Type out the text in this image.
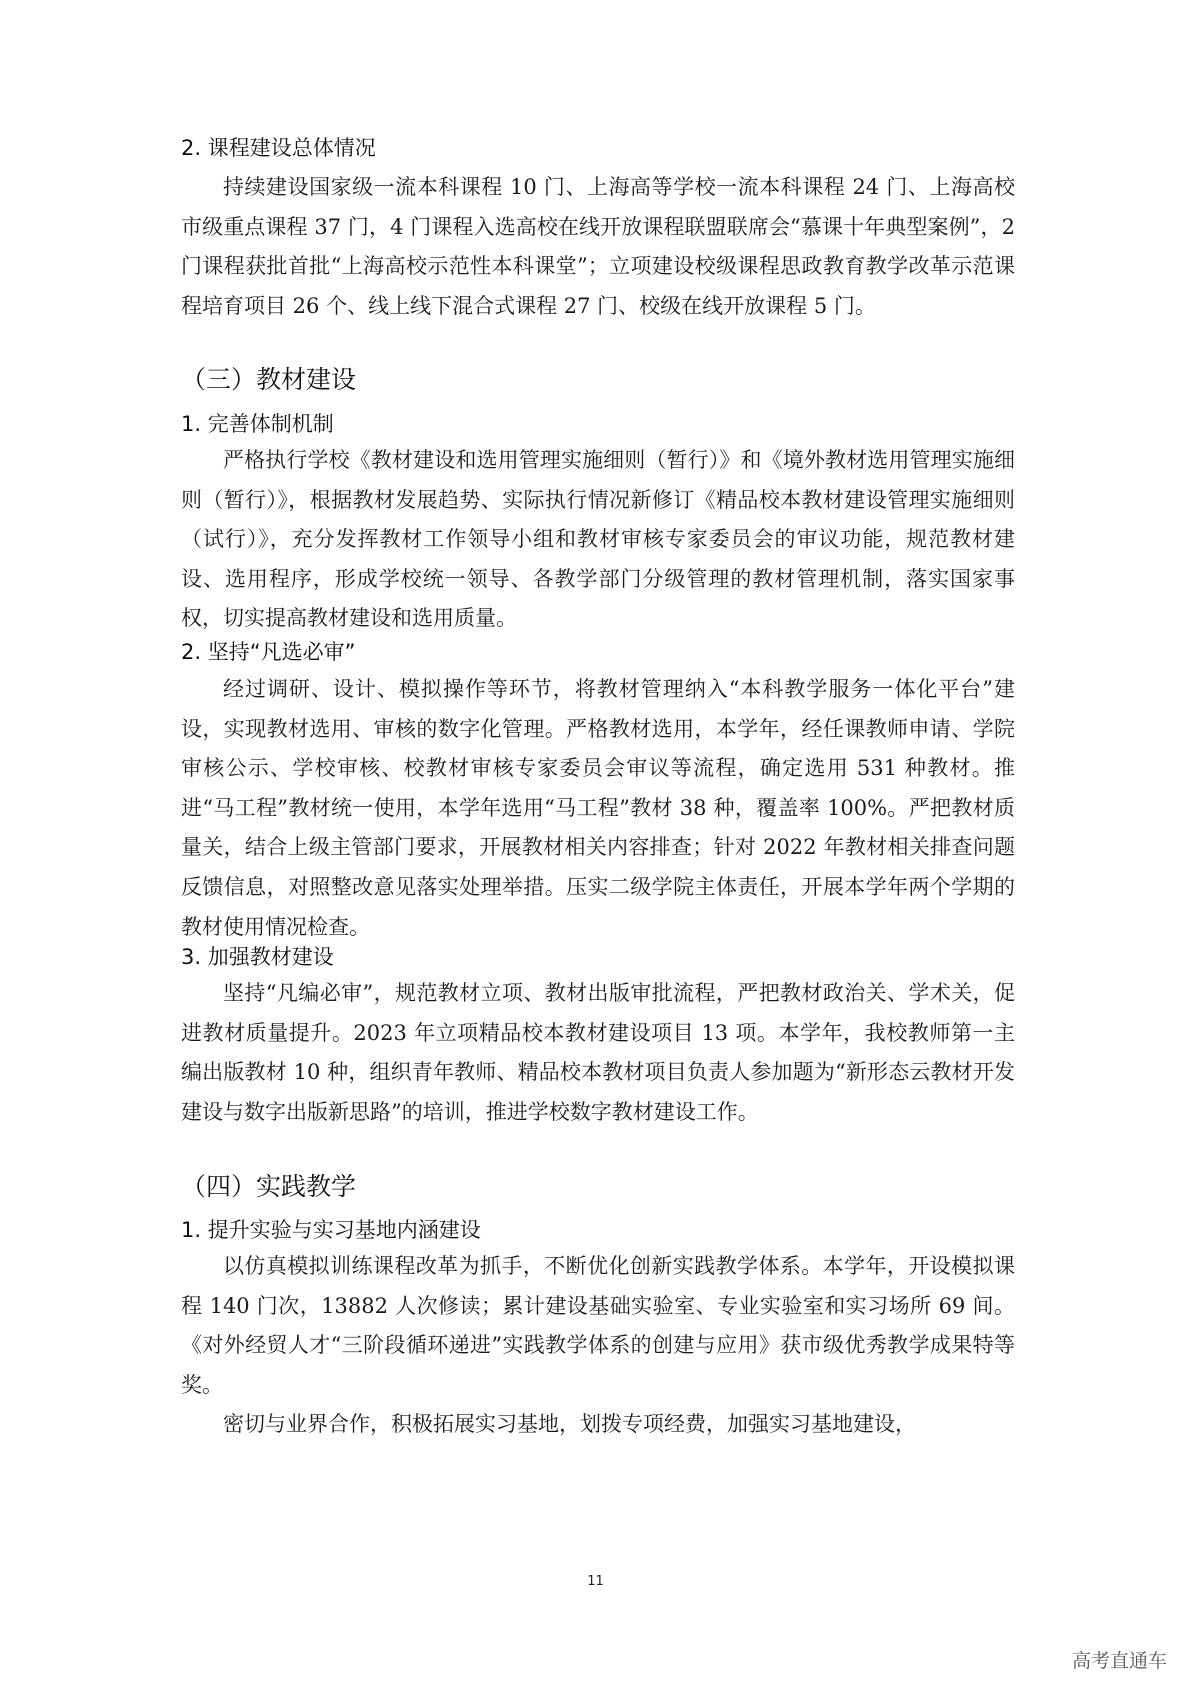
2. 课程建设总体情况

持续建设国家级一流本科课程 10 门、上海高等学校一流本科课程 24 门、上海高校市级重点课程 37 门，4 门课程入选高校在线开放课程联盟联席会“慕课十年典型案例”，2 门课程获批首批“上海高校示范性本科课堂”；立项建设校级课程思政教育教学改革示范课程培育项目 26 个、线上线下混合式课程 27 门、校级在线开放课程 5 门。

（三）教材建设
1. 完善体制机制

严格执行学校《教材建设和选用管理实施细则（暂行）》和《境外教材选用管理实施细则（暂行）》，根据教材发展趋势、实际执行情况新修订《精品校本教材建设管理实施细则（试行）》，充分发挥教材工作领导小组和教材审核专家委员会的审议功能，规范教材建设、选用程序，形成学校统一领导、各教学部门分级管理的教材管理机制，落实国家事权，切实提高教材建设和选用质量。

2. 坚持“凡选必审”

经过调研、设计、模拟操作等环节，将教材管理纳入“本科教学服务一体化平台”建设，实现教材选用、审核的数字化管理。严格教材选用，本学年，经任课教师申请、学院审核公示、学校审核、校教材审核专家委员会审议等流程，确定选用 531 种教材。推进“马工程”教材统一使用，本学年选用“马工程”教材 38 种，覆盖率 100%。严把教材质量关，结合上级主管部门要求，开展教材相关内容排查；针对 2022 年教材相关排查问题反馈信息，对照整改意见落实处理举措。压实二级学院主体责任，开展本学年两个学期的教材使用情况检查。

3. 加强教材建设

坚持“凡编必审”，规范教材立项、教材出版审批流程，严把教材政治关、学术关，促进教材质量提升。2023 年立项精品校本教材建设项目 13 项。本学年，我校教师第一主编出版教材 10 种，组织青年教师、精品校本教材项目负责人参加题为“新形态云教材开发建设与数字出版新思路”的培训，推进学校数字教材建设工作。

（四）实践教学
1. 提升实验与实习基地内涵建设

以仿真模拟训练课程改革为抓手，不断优化创新实践教学体系。本学年，开设模拟课程 140 门次，13882 人次修读；累计建设基础实验室、专业实验室和实习场所 69 间。《对外经贸人才“三阶段循环递进”实践教学体系的创建与应用》获市级优秀教学成果特等奖。

密切与业界合作，积极拓展实习基地，划拨专项经费，加强实习基地建设，

11
高考直通车
